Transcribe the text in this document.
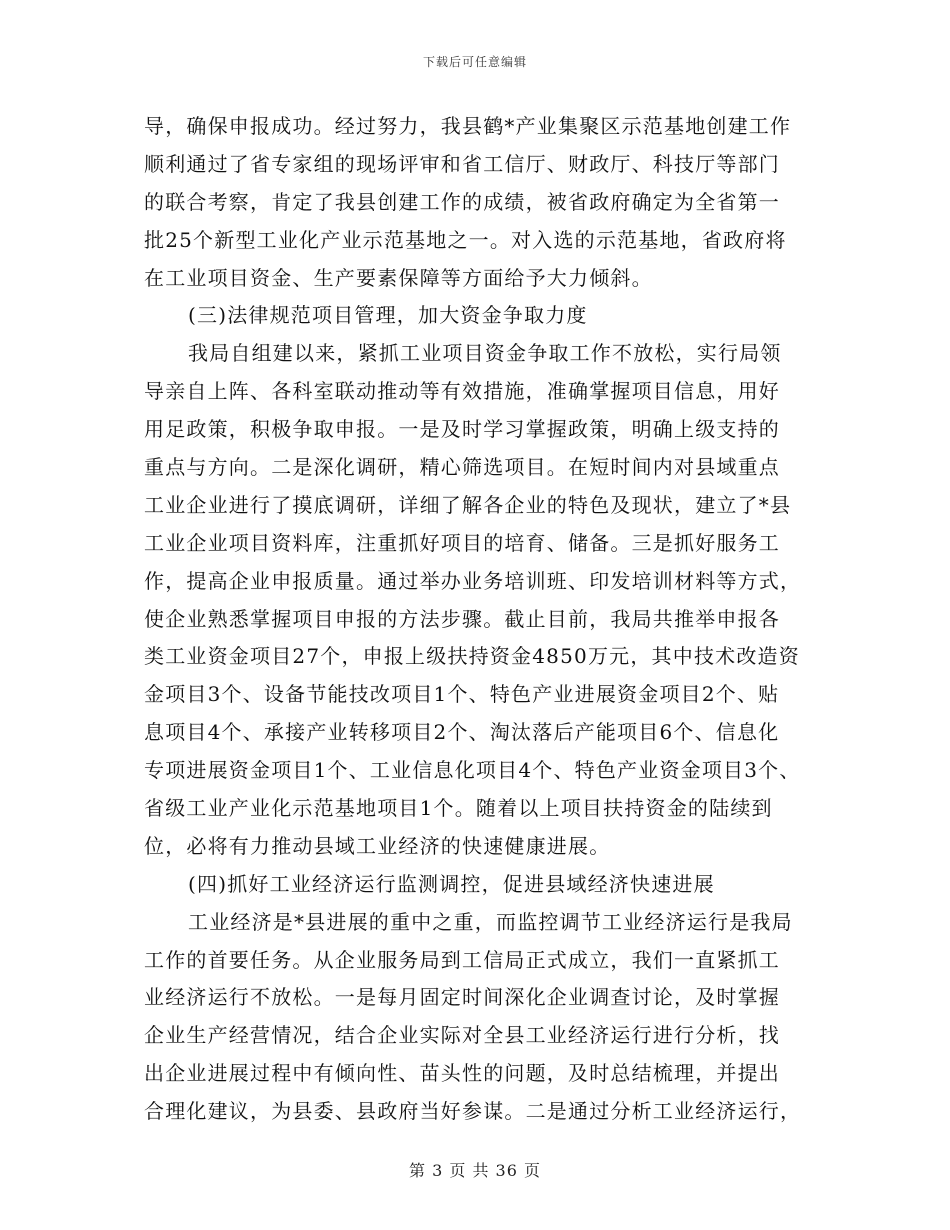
下载后可任意编辑
导，确保申报成功。经过努力，我县鹤*产业集聚区示范基地创建工作
顺利通过了省专家组的现场评审和省工信厅、财政厅、科技厅等部门
的联合考察，肯定了我县创建工作的成绩，被省政府确定为全省第一
批25个新型工业化产业示范基地之一。对入选的示范基地，省政府将
在工业项目资金、生产要素保障等方面给予大力倾斜。
(三)法律规范项目管理，加大资金争取力度
我局自组建以来，紧抓工业项目资金争取工作不放松，实行局领
导亲自上阵、各科室联动推动等有效措施，准确掌握项目信息，用好
用足政策，积极争取申报。一是及时学习掌握政策，明确上级支持的
重点与方向。二是深化调研，精心筛选项目。在短时间内对县域重点
工业企业进行了摸底调研，详细了解各企业的特色及现状，建立了*县
工业企业项目资料库，注重抓好项目的培育、储备。三是抓好服务工
作，提高企业申报质量。通过举办业务培训班、印发培训材料等方式，
使企业熟悉掌握项目申报的方法步骤。截止目前，我局共推举申报各
类工业资金项目27个，申报上级扶持资金4850万元，其中技术改造资
金项目3个、设备节能技改项目1个、特色产业进展资金项目2个、贴
息项目4个、承接产业转移项目2个、淘汰落后产能项目6个、信息化
专项进展资金项目1个、工业信息化项目4个、特色产业资金项目3个、
省级工业产业化示范基地项目1个。随着以上项目扶持资金的陆续到
位，必将有力推动县域工业经济的快速健康进展。
(四)抓好工业经济运行监测调控，促进县域经济快速进展
工业经济是*县进展的重中之重，而监控调节工业经济运行是我局
工作的首要任务。从企业服务局到工信局正式成立，我们一直紧抓工
业经济运行不放松。一是每月固定时间深化企业调查讨论，及时掌握
企业生产经营情况，结合企业实际对全县工业经济运行进行分析，找
出企业进展过程中有倾向性、苗头性的问题，及时总结梳理，并提出
合理化建议，为县委、县政府当好参谋。二是通过分析工业经济运行，
第 3 页 共 36 页
